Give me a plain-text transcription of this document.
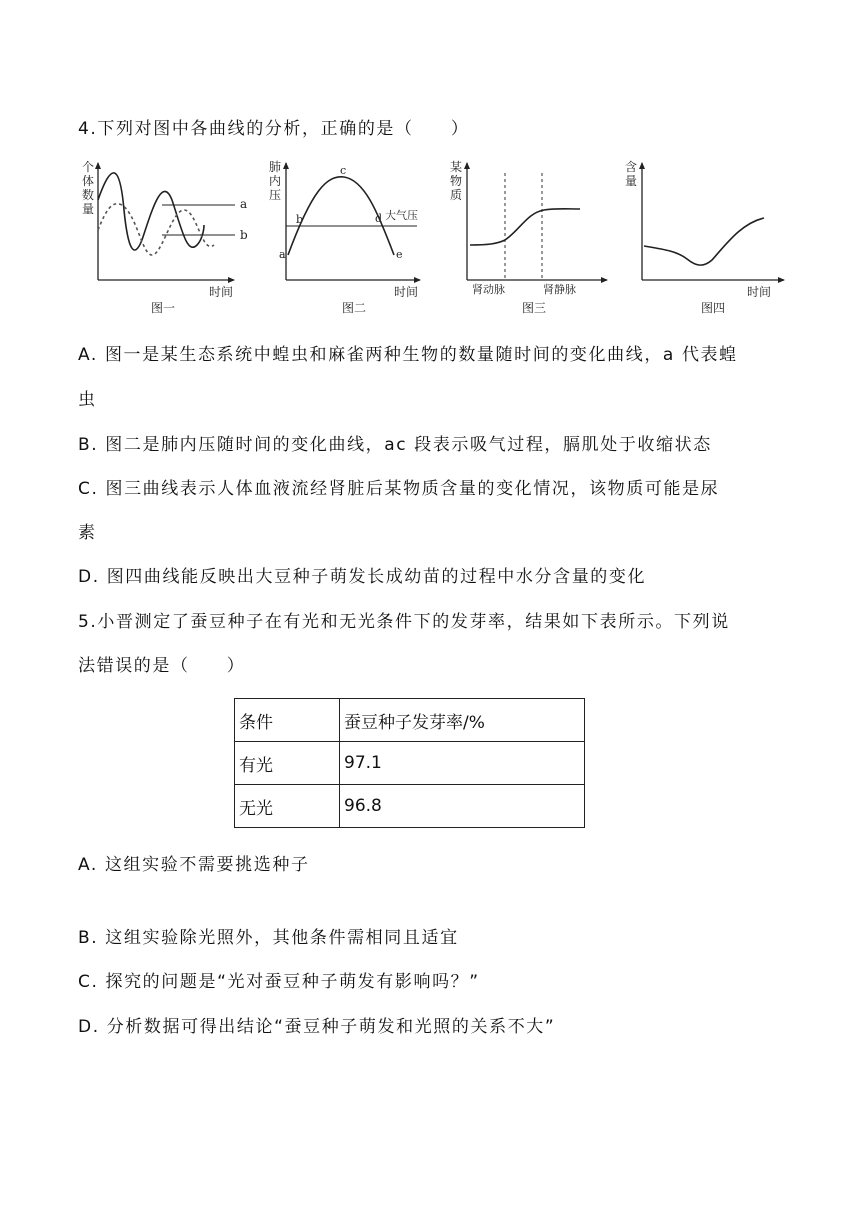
4.下列对图中各曲线的分析，正确的是（　　）
个
体
数
量	a
b
时间
图一
肺
内
压
a
b
c
d
e
大气压
时间
图二
某
物
质
肾动脉	肾静脉
图三
含
量
时间
图四
A. 图一是某生态系统中蝗虫和麻雀两种生物的数量随时间的变化曲线，a 代表蝗
虫
B. 图二是肺内压随时间的变化曲线，ac 段表示吸气过程，膈肌处于收缩状态
C. 图三曲线表示人体血液流经肾脏后某物质含量的变化情况，该物质可能是尿
素
D. 图四曲线能反映出大豆种子萌发长成幼苗的过程中水分含量的变化
5.小晋测定了蚕豆种子在有光和无光条件下的发芽率，结果如下表所示。下列说
法错误的是（　　）
条件	蚕豆种子发芽率/%
有光	97.1
无光	96.8
A. 这组实验不需要挑选种子
B. 这组实验除光照外，其他条件需相同且适宜
C. 探究的问题是“光对蚕豆种子萌发有影响吗？”
D. 分析数据可得出结论“蚕豆种子萌发和光照的关系不大”
